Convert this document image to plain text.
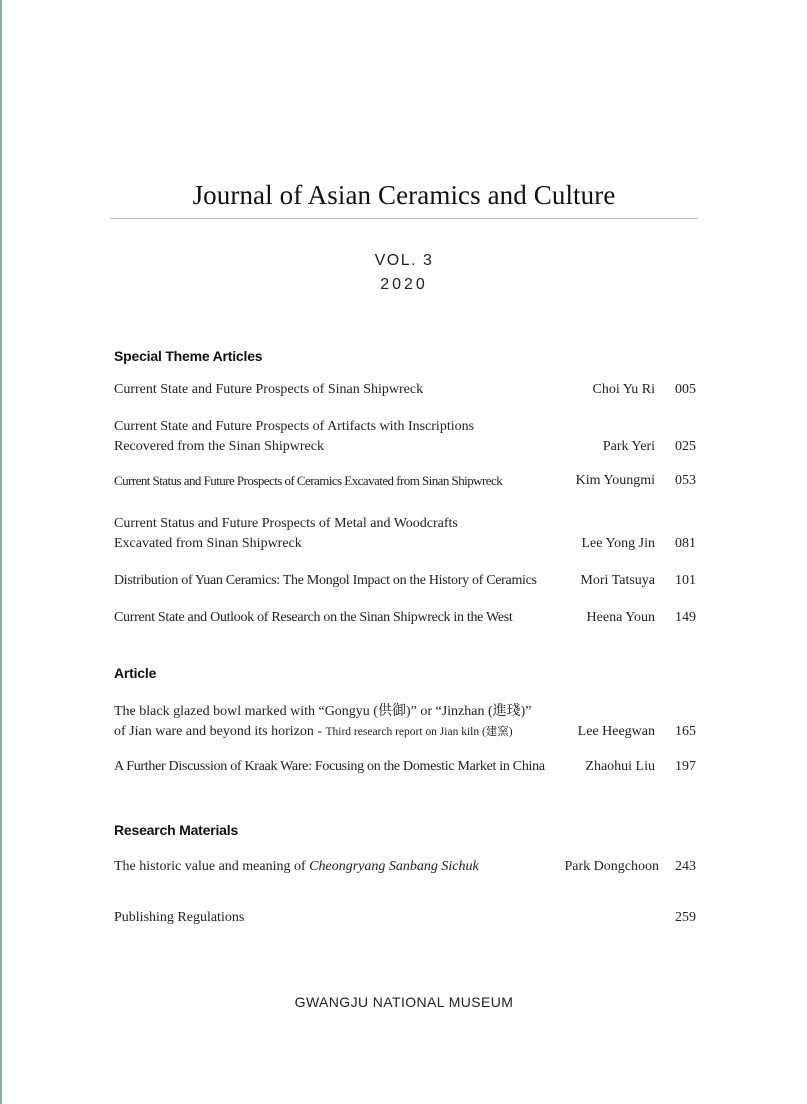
Journal of Asian Ceramics and Culture
VOL. 3
2020
Special Theme Articles
Current State and Future Prospects of Sinan Shipwreck	Choi Yu Ri	005
Current State and Future Prospects of Artifacts with Inscriptions
Recovered from the Sinan Shipwreck	Park Yeri	025
Current Status and Future Prospects of Ceramics Excavated from Sinan Shipwreck	Kim Youngmi	053
Current Status and Future Prospects of Metal and Woodcrafts
Excavated from Sinan Shipwreck	Lee Yong Jin	081
Distribution of Yuan Ceramics: The Mongol Impact on the History of Ceramics	Mori Tatsuya	101
Current State and Outlook of Research on the Sinan Shipwreck in the West	Heena Youn	149
Article
The black glazed bowl marked with “Gongyu (供御)” or “Jinzhan (進琖)”
of Jian ware and beyond its horizon - Third research report on Jian kiln (建窯)	Lee Heegwan	165
A Further Discussion of Kraak Ware: Focusing on the Domestic Market in China	Zhaohui Liu	197
Research Materials
The historic value and meaning of Cheongryang Sanbang Sichuk	Park Dongchoon	243
Publishing Regulations	259
GWANGJU NATIONAL MUSEUM
